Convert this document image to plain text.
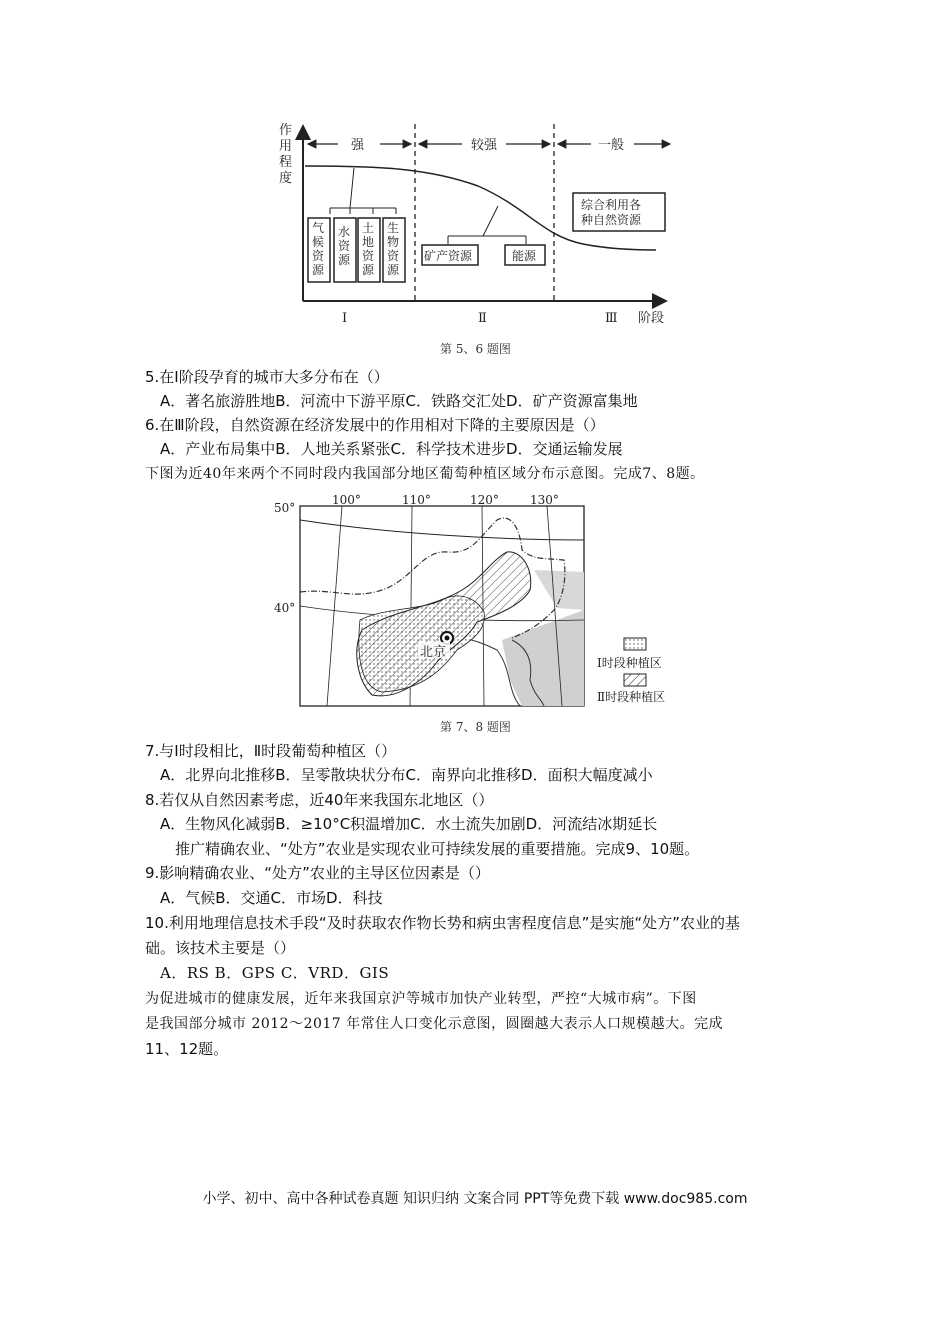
作
用
程
度
强	较强	一般
气
候
资
源
水
资
源
土
地
资
源
生
物
资
源
矿产资源	能源
综合利用各
种自然资源
Ⅰ	Ⅱ	Ⅲ 阶段
第 5、6 题图
5.在Ⅰ阶段孕育的城市大多分布在（）
A．著名旅游胜地B．河流中下游平原C．铁路交汇处D．矿产资源富集地
6.在Ⅲ阶段，自然资源在经济发展中的作用相对下降的主要原因是（）
A．产业布局集中B．人地关系紧张C．科学技术进步D．交通运输发展
下图为近40年来两个不同时段内我国部分地区葡萄种植区域分布示意图。完成7、8题。
北京
50°
40°
100°	110°	120°	130°
Ⅰ时段种植区
Ⅱ时段种植区
第 7、8 题图
7.与Ⅰ时段相比，Ⅱ时段葡萄种植区（）
A．北界向北推移B．呈零散块状分布C．南界向北推移D．面积大幅度减小
8.若仅从自然因素考虑，近40年来我国东北地区（）
A．生物风化减弱B．≥10°C积温增加C．水土流失加剧D．河流结冰期延长
推广精确农业、“处方”农业是实现农业可持续发展的重要措施。完成9、10题。
9.影响精确农业、“处方”农业的主导区位因素是（）
A．气候B．交通C．市场D．科技
10.利用地理信息技术手段“及时获取农作物长势和病虫害程度信息”是实施“处方”农业的基
础。该技术主要是（）
A．RS B．GPS C．VRD．GIS
为促进城市的健康发展，近年来我国京沪等城市加快产业转型，严控“大城市病”。下图
是我国部分城市 2012～2017 年常住人口变化示意图，圆圈越大表示人口规模越大。完成
11、12题。
小学、初中、高中各种试卷真题 知识归纳 文案合同 PPT等免费下载 www.doc985.com
